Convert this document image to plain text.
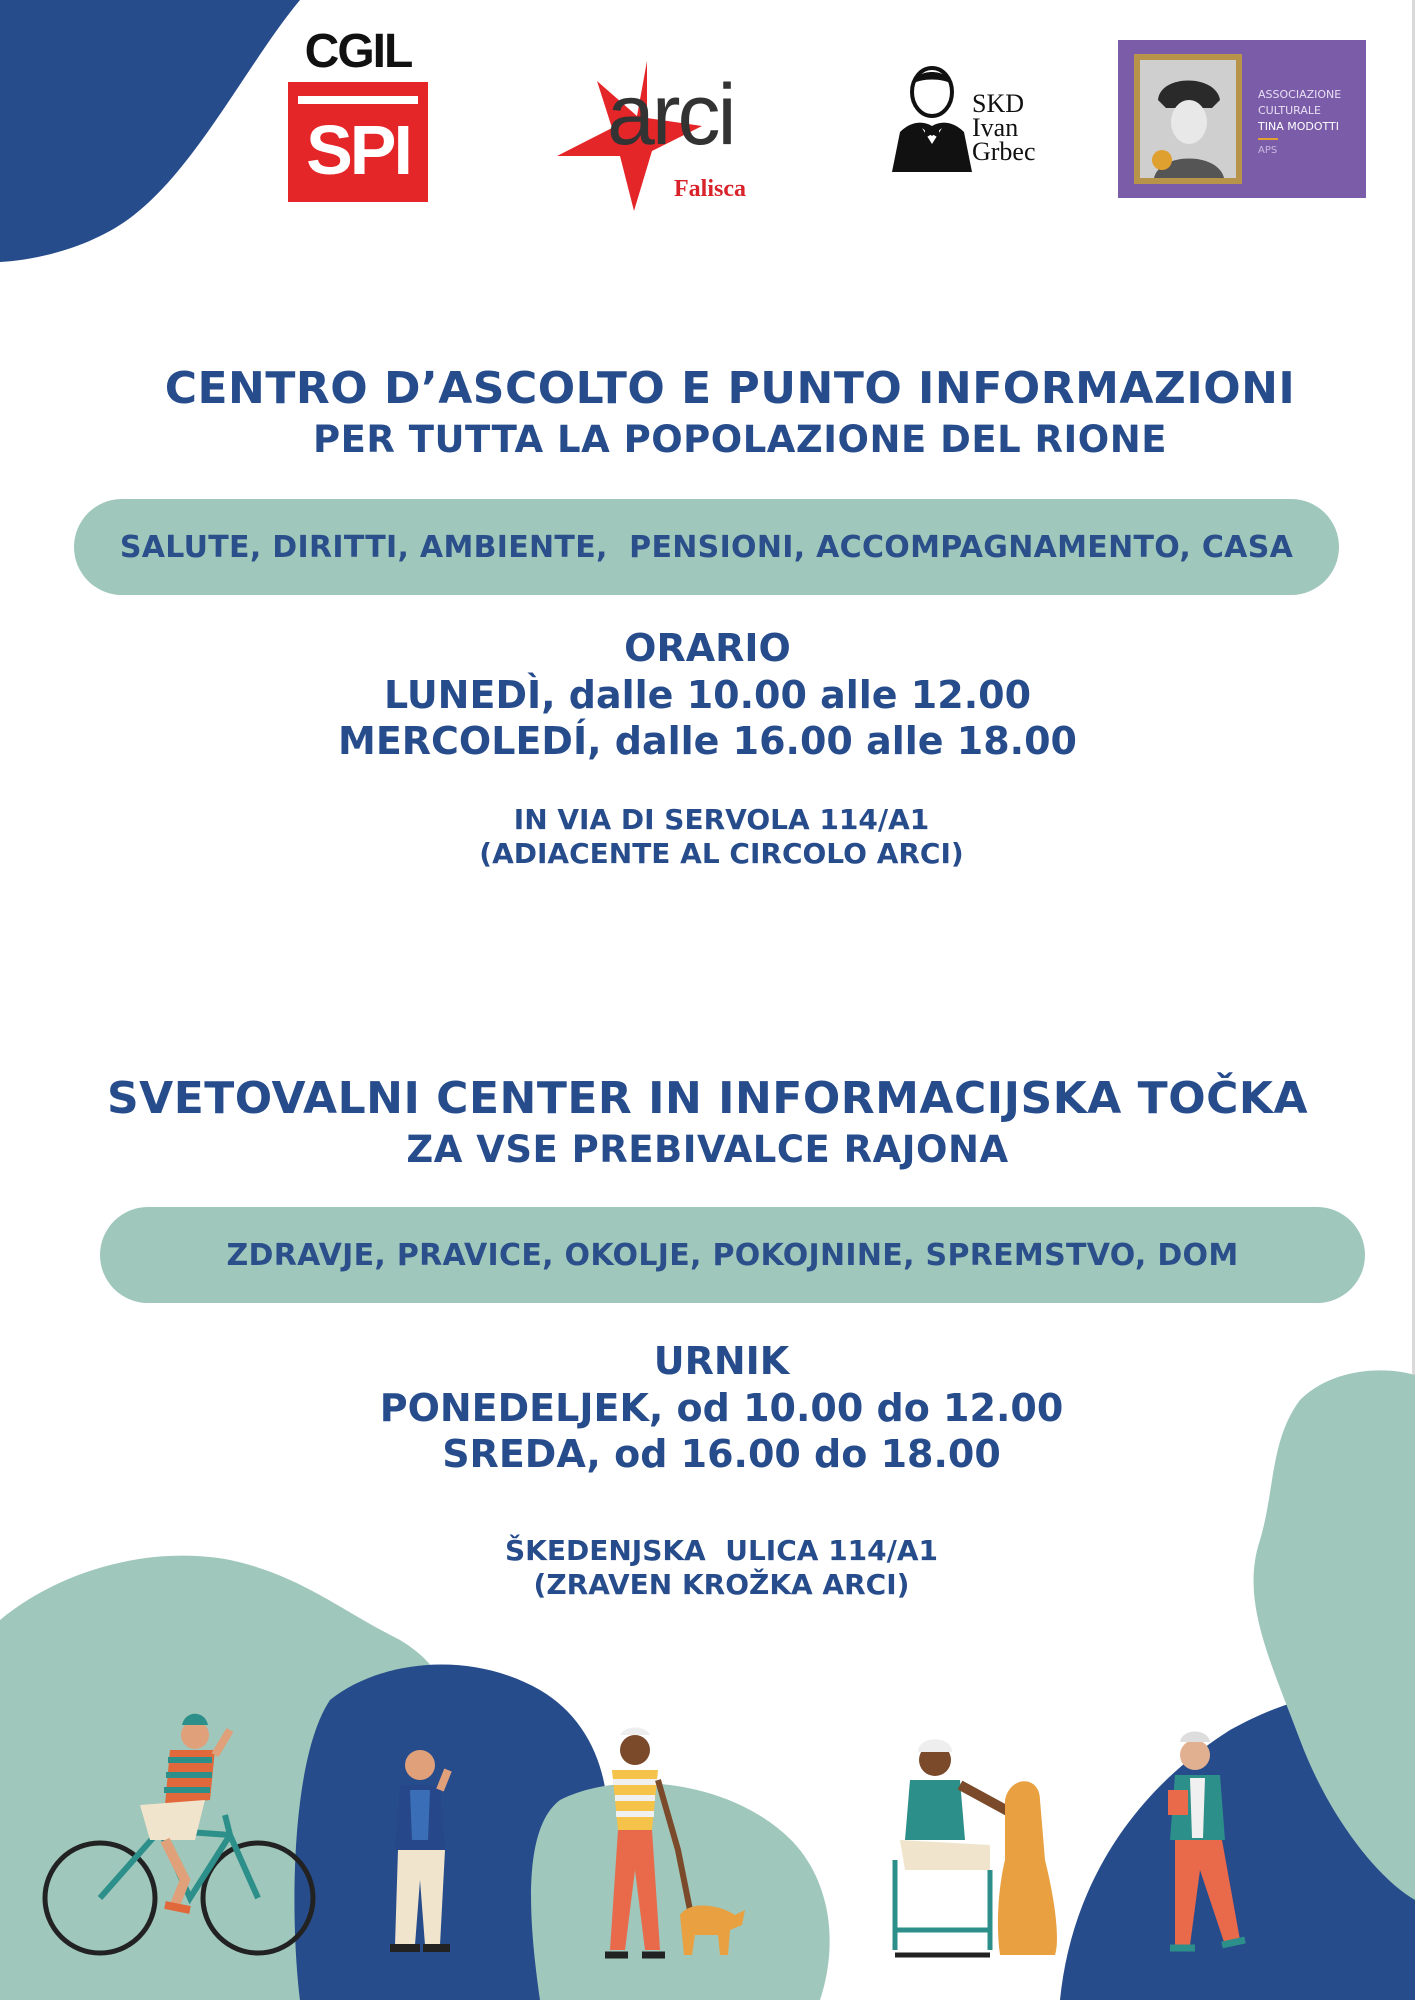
CGIL
SPI arci
Falisca
SKD
Ivan
Grbec
ASSOCIAZIONE
CULTURALE
TINA MODOTTI
APS
CENTRO D’ASCOLTO E PUNTO INFORMAZIONI
PER TUTTA LA POPOLAZIONE DEL RIONE
SALUTE, DIRITTI, AMBIENTE,  PENSIONI, ACCOMPAGNAMENTO, CASA
ORARIO
LUNEDÌ, dalle 10.00 alle 12.00
MERCOLEDÍ, dalle 16.00 alle 18.00
IN VIA DI SERVOLA 114/A1
(ADIACENTE AL CIRCOLO ARCI)
SVETOVALNI CENTER IN INFORMACIJSKA TOČKA
ZA VSE PREBIVALCE RAJONA
ZDRAVJE, PRAVICE, OKOLJE, POKOJNINE, SPREMSTVO, DOM
URNIK
PONEDELJEK, od 10.00 do 12.00
SREDA, od 16.00 do 18.00
ŠKEDENJSKA  ULICA 114/A1
(ZRAVEN KROŽKA ARCI)
